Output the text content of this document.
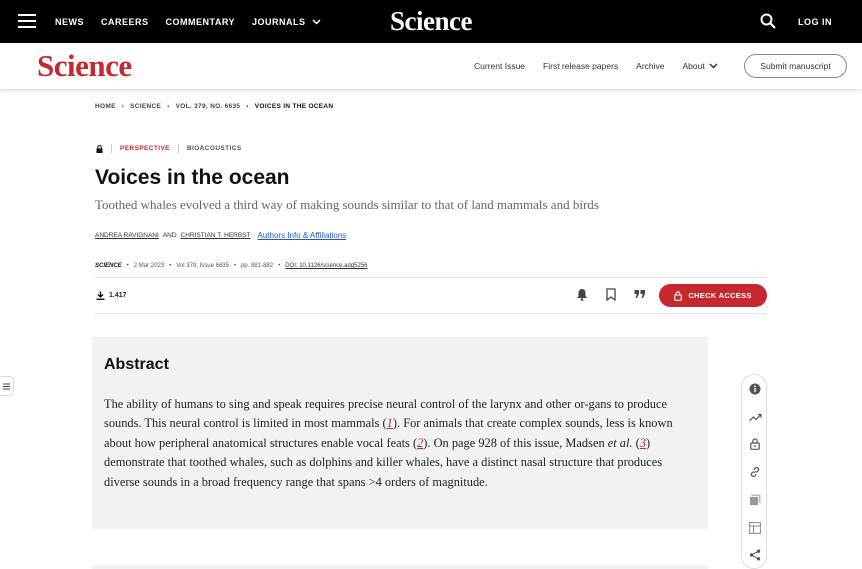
NEWS CAREERS COMMENTARY JOURNALS	Science	LOG IN
Science	Current Issue First release papers Archive About	Submit manuscript
HOME › SCIENCE › VOL. 379, NO. 6635 › VOICES IN THE OCEAN
PERSPECTIVE	BIOACOUSTICS
Voices in the ocean
Toothed whales evolved a third way of making sounds similar to that of land mammals and birds
ANDREA RAVIGNANI AND CHRISTIAN T. HERBST Authors Info & Affiliations
SCIENCE • 2 Mar 2023 • Vol 379, Issue 6635 • pp. 881-882 • DOI: 10.1126/science.adg5256
1.417	CHECK ACCESS
Abstract

The ability of humans to sing and speak requires precise neural control of the larynx and other or-gans to produce sounds. This neural control is limited in most mammals (1). For animals that create complex sounds, less is known about how peripheral anatomical structures enable vocal feats (2). On page 928 of this issue, Madsen et al. (3) demonstrate that toothed whales, such as dolphins and killer whales, have a distinct nasal structure that produces diverse sounds in a broad frequency range that spans >4 orders of magnitude.
